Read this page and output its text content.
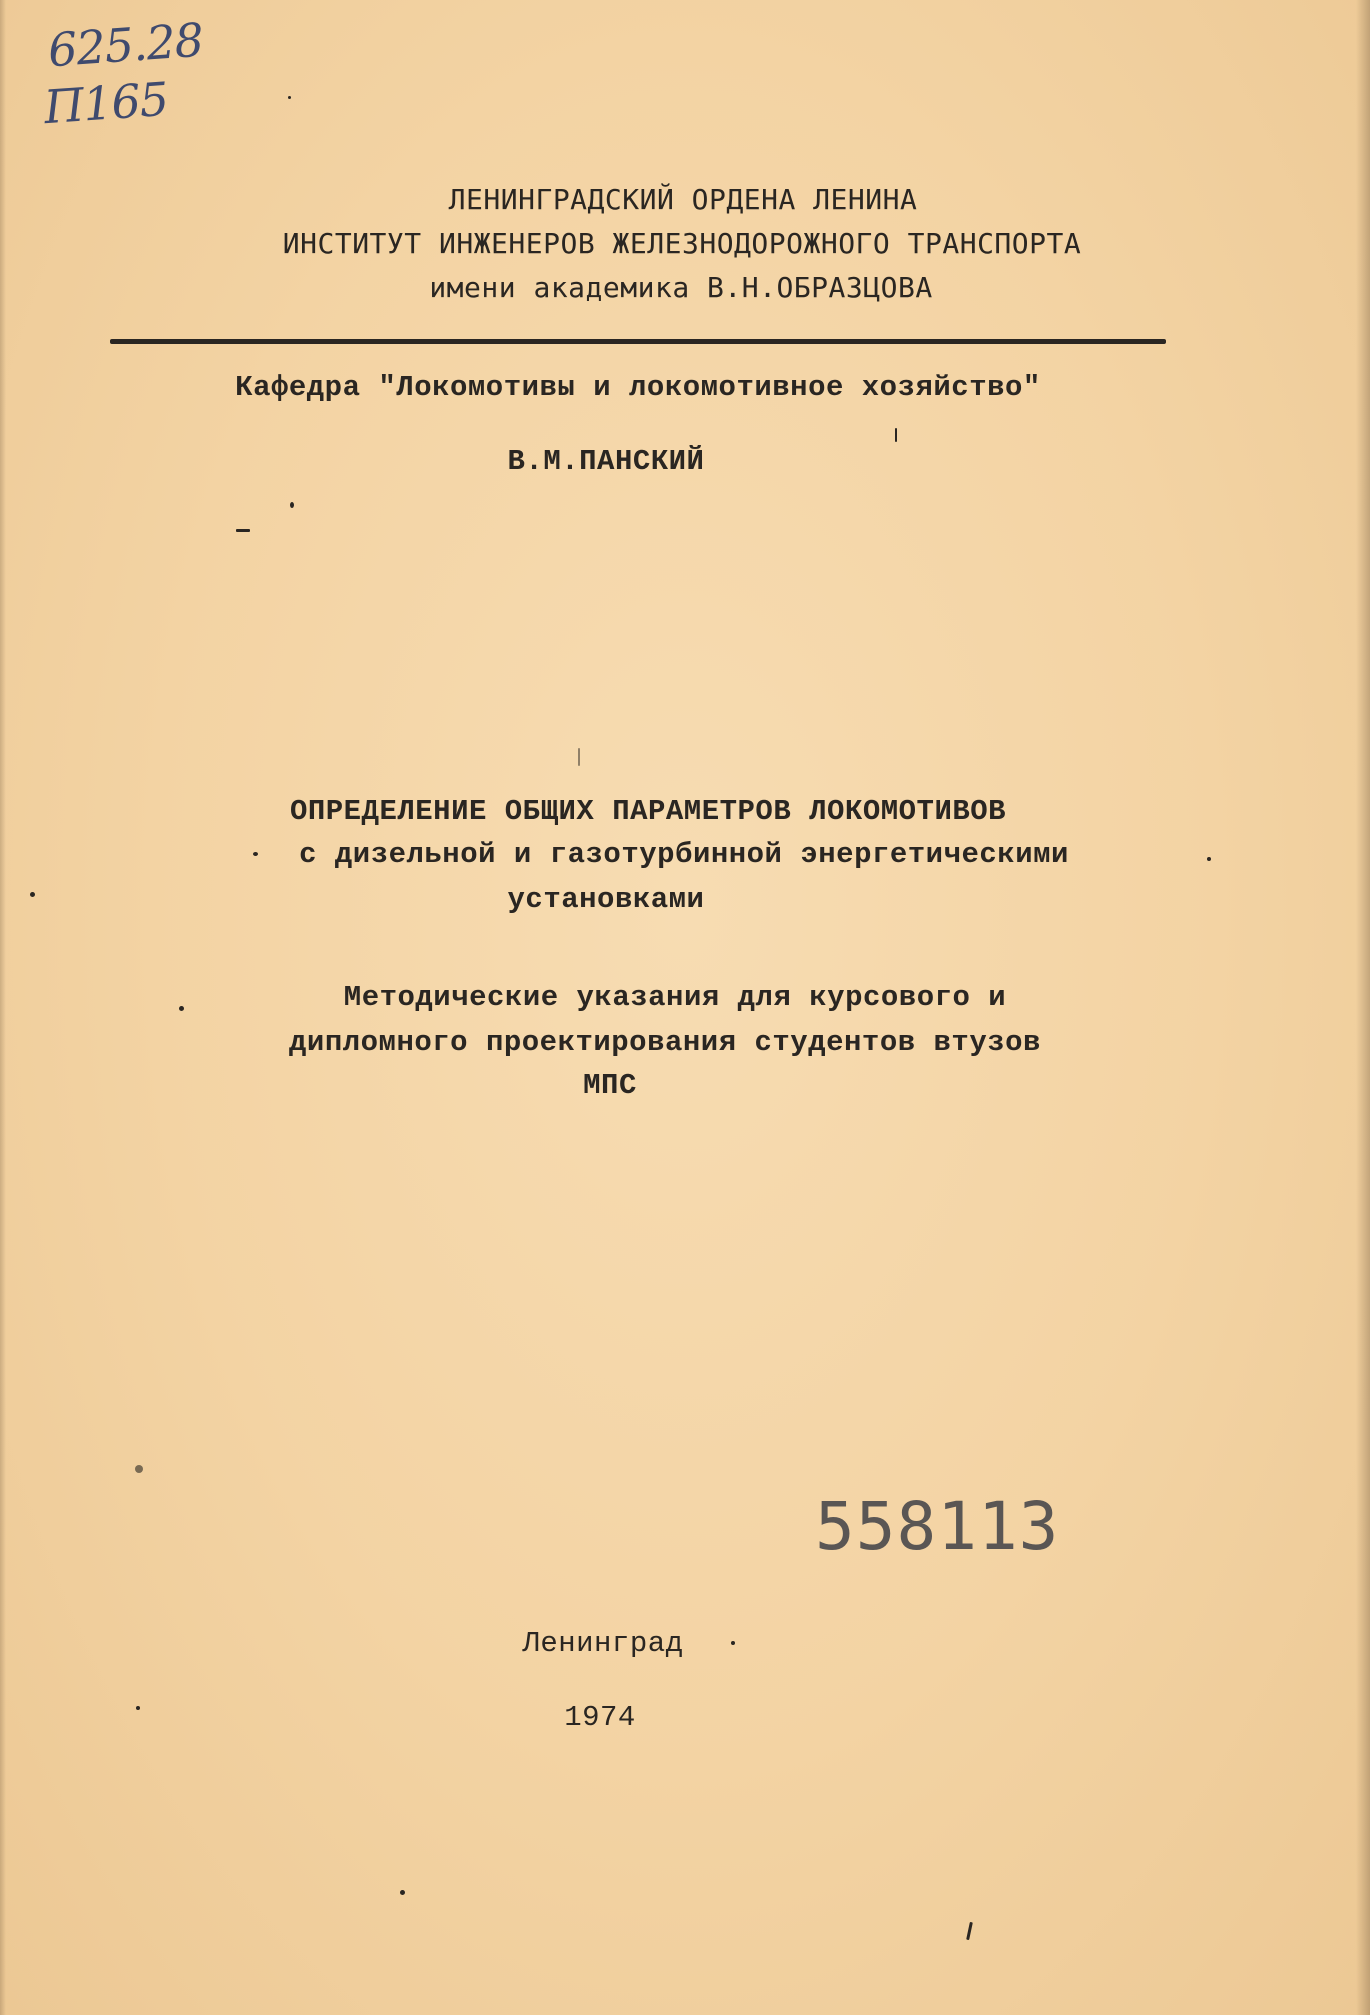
625.28
П165
ЛЕНИНГРАДСКИЙ ОРДЕНА ЛЕНИНА
ИНСТИТУТ ИНЖЕНЕРОВ ЖЕЛЕЗНОДОРОЖНОГО ТРАНСПОРТА
имени академика В.Н.ОБРАЗЦОВА
Кафедра "Локомотивы и локомотивное хозяйство"
В.М.ПАНСКИЙ
ОПРЕДЕЛЕНИЕ ОБЩИХ ПАРАМЕТРОВ ЛОКОМОТИВОВ
с дизельной и газотурбинной энергетическими
установками
Методические указания для курсового и
дипломного проектирования студентов втузов
МПС
558113
Ленинград
1974
